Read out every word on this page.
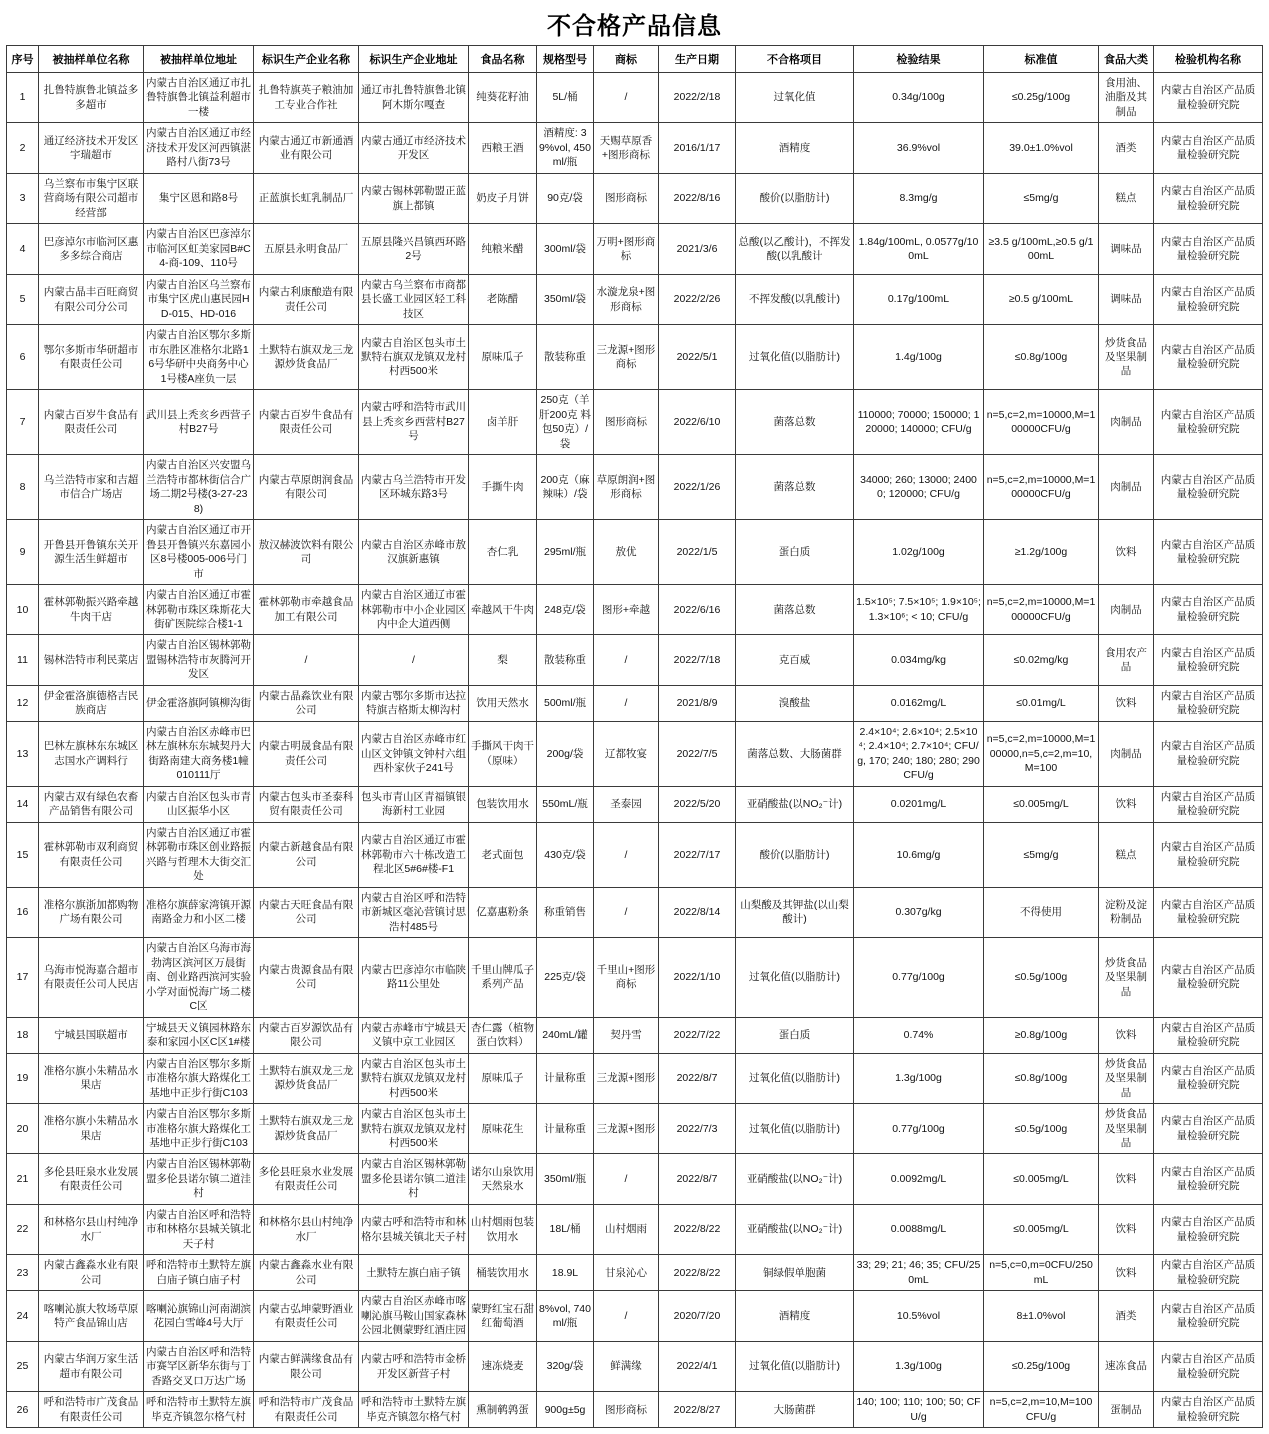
不合格产品信息
序号	被抽样单位名称	被抽样单位地址	标识生产企业名称	标识生产企业地址	食品名称	规格型号	商标	生产日期	不合格项目	检验结果	标准值	食品大类	检验机构名称
1	扎鲁特旗鲁北镇益多多超市	内蒙古自治区通辽市扎鲁特旗鲁北镇益利超市一楼	扎鲁特旗英子粮油加工专业合作社	通辽市扎鲁特旗鲁北镇阿木斯尔嘎查	纯葵花籽油	5L/桶	/	2022/2/18	过氧化值	0.34g/100g	≤0.25g/100g	食用油、油脂及其制品	内蒙古自治区产品质量检验研究院
2	通辽经济技术开发区宇瑞超市	内蒙古自治区通辽市经济技术开发区河西镇湛路村八街73号	内蒙古通辽市新通酒业有限公司	内蒙古通辽市经济技术开发区	西粮王酒	酒精度: 39%vol, 450ml/瓶	天赐草原香+图形商标	2016/1/17	酒精度	36.9%vol	39.0±1.0%vol	酒类	内蒙古自治区产品质量检验研究院
3	乌兰察布市集宁区联营商场有限公司超市经营部	集宁区恩和路8号	正蓝旗长虹乳制品厂	内蒙古锡林郭勒盟正蓝旗上都镇	奶皮子月饼	90克/袋	图形商标	2022/8/16	酸价(以脂肪计)	8.3mg/g	≤5mg/g	糕点	内蒙古自治区产品质量检验研究院
4	巴彦淖尔市临河区惠多多综合商店	内蒙古自治区巴彦淖尔市临河区虹美家园B#C4-商-109、110号	五原县永明食品厂	五原县隆兴昌镇西环路2号	纯粮米醋	300ml/袋	万明+图形商标	2021/3/6	总酸(以乙酸计)，不挥发酸(以乳酸计	1.84g/100mL, 0.0577g/100mL	≥3.5 g/100mL,≥0.5 g/100mL	调味品	内蒙古自治区产品质量检验研究院
5	内蒙古晶丰百旺商贸有限公司分公司	内蒙古自治区乌兰察布市集宁区虎山惠民园HD-015、HD-016	内蒙古利康酿造有限责任公司	内蒙古乌兰察布市商都县长盛工业园区轻工科技区	老陈醋	350ml/袋	水漩龙泉+图形商标	2022/2/26	不挥发酸(以乳酸计)	0.17g/100mL	≥0.5 g/100mL	调味品	内蒙古自治区产品质量检验研究院
6	鄂尔多斯市华研超市有限责任公司	内蒙古自治区鄂尔多斯市东胜区准格尔北路16号华研中央商务中心1号楼A座负一层	土默特右旗双龙三龙源炒货食品厂	内蒙古自治区包头市土默特右旗双龙镇双龙村村西500米	原味瓜子	散装称重	三龙源+图形商标	2022/5/1	过氧化值(以脂肪计)	1.4g/100g	≤0.8g/100g	炒货食品及坚果制品	内蒙古自治区产品质量检验研究院
7	内蒙古百岁牛食品有限责任公司	武川县上秃亥乡西营子村B27号	内蒙古百岁牛食品有限责任公司	内蒙古呼和浩特市武川县上秃亥乡西营村B27号	卤羊肝	250克（羊肝200克 料包50克）/袋	图形商标	2022/6/10	菌落总数	110000; 70000; 150000; 120000; 140000; CFU/g	n=5,c=2,m=10000,M=100000CFU/g	肉制品	内蒙古自治区产品质量检验研究院
8	乌兰浩特市家和吉超市信合广场店	内蒙古自治区兴安盟乌兰浩特市都林街信合广场二期2号楼(3-27-238)	内蒙古草原朗润食品有限公司	内蒙古乌兰浩特市开发区环城东路3号	手撕牛肉	200克（麻辣味）/袋	草原朗润+图形商标	2022/1/26	菌落总数	34000; 260; 13000; 24000; 120000; CFU/g	n=5,c=2,m=10000,M=100000CFU/g	肉制品	内蒙古自治区产品质量检验研究院
9	开鲁县开鲁镇东关开源生活生鲜超市	内蒙古自治区通辽市开鲁县开鲁镇兴东嘉园小区8号楼005-006号门市	敖汉赫波饮料有限公司	内蒙古自治区赤峰市敖汉旗新惠镇	杏仁乳	295ml/瓶	敖优	2022/1/5	蛋白质	1.02g/100g	≥1.2g/100g	饮料	内蒙古自治区产品质量检验研究院
10	霍林郭勒振兴路牵越牛肉干店	内蒙古自治区通辽市霍林郭勒市珠区珠斯花大街矿医院综合楼1-1	霍林郭勒市牵越食品加工有限公司	内蒙古自治区通辽市霍林郭勒市中小企业园区内中企大道西侧	牵越风干牛肉	248克/袋	图形+牵越	2022/6/16	菌落总数	1.5×10⁵; 7.5×10⁵; 1.9×10⁵; 1.3×10⁶; < 10; CFU/g	n=5,c=2,m=10000,M=100000CFU/g	肉制品	内蒙古自治区产品质量检验研究院
11	锡林浩特市利民菜店	内蒙古自治区锡林郭勒盟锡林浩特市灰腾河开发区	/	/	梨	散装称重	/	2022/7/18	克百威	0.034mg/kg	≤0.02mg/kg	食用农产品	内蒙古自治区产品质量检验研究院
12	伊金霍洛旗德格吉民族商店	伊金霍洛旗阿镇柳沟街	内蒙古晶淼饮业有限公司	内蒙古鄂尔多斯市达拉特旗吉格斯太柳沟村	饮用天然水	500ml/瓶	/	2021/8/9	溴酸盐	0.0162mg/L	≤0.01mg/L	饮料	内蒙古自治区产品质量检验研究院
13	巴林左旗林东东城区志国水产调料行	内蒙古自治区赤峰市巴林左旗林东东城契丹大街路南建大商务楼1幢010111厅	内蒙古明晟食品有限责任公司	内蒙古自治区赤峰市红山区文钟镇文钟村六组西朴家伙子241号	手撕风干肉干（原味）	200g/袋	辽都牧宴	2022/7/5	菌落总数、大肠菌群	2.4×10⁴; 2.6×10⁴; 2.5×10⁴; 2.4×10⁴; 2.7×10⁴; CFU/g, 170; 240; 180; 280; 290CFU/g	n=5,c=2,m=10000,M=100000,n=5,c=2,m=10,M=100	肉制品	内蒙古自治区产品质量检验研究院
14	内蒙古双有绿色农畜产品销售有限公司	内蒙古自治区包头市青山区振华小区	内蒙古包头市圣泰科贸有限责任公司	包头市青山区青福镇银海新村工业园	包装饮用水	550mL/瓶	圣泰园	2022/5/20	亚硝酸盐(以NO₂⁻计)	0.0201mg/L	≤0.005mg/L	饮料	内蒙古自治区产品质量检验研究院
15	霍林郭勒市双利商贸有限责任公司	内蒙古自治区通辽市霍林郭勒市珠区创业路振兴路与哲理木大街交汇处	内蒙古新越食品有限公司	内蒙古自治区通辽市霍林郭勒市六十栋改造工程北区5#6#楼-F1	老式面包	430克/袋	/	2022/7/17	酸价(以脂肪计)	10.6mg/g	≤5mg/g	糕点	内蒙古自治区产品质量检验研究院
16	准格尔旗浙加都购物广场有限公司	准格尔旗薛家湾镇开源南路金力和小区二楼	内蒙古天旺食品有限公司	内蒙古自治区呼和浩特市新城区毫沁营镇讨思浩村485号	亿嘉惠粉条	称重销售	/	2022/8/14	山梨酸及其钾盐(以山梨酸计)	0.307g/kg	不得使用	淀粉及淀粉制品	内蒙古自治区产品质量检验研究院
17	乌海市悦海嘉合超市有限责任公司人民店	内蒙古自治区乌海市海勃湾区滨河区万晨街南、创业路西滨河实验小学对面悦海广场二楼C区	内蒙古贵源食品有限公司	内蒙古巴彦淖尔市临陕路11公里处	千里山牌瓜子系列产品	225克/袋	千里山+图形商标	2022/1/10	过氧化值(以脂肪计)	0.77g/100g	≤0.5g/100g	炒货食品及坚果制品	内蒙古自治区产品质量检验研究院
18	宁城县国联超市	宁城县天义镇园林路东泰和家园小区C区1#楼	内蒙古百岁源饮品有限公司	内蒙古赤峰市宁城县天义镇中京工业园区	杏仁露（植物蛋白饮料）	240mL/罐	契丹雪	2022/7/22	蛋白质	0.74%	≥0.8g/100g	饮料	内蒙古自治区产品质量检验研究院
19	准格尔旗小朱精品水果店	内蒙古自治区鄂尔多斯市准格尔旗大路煤化工基地中正步行街C103	土默特右旗双龙三龙源炒货食品厂	内蒙古自治区包头市土默特右旗双龙镇双龙村村西500米	原味瓜子	计量称重	三龙源+图形	2022/8/7	过氧化值(以脂肪计)	1.3g/100g	≤0.8g/100g	炒货食品及坚果制品	内蒙古自治区产品质量检验研究院
20	准格尔旗小朱精品水果店	内蒙古自治区鄂尔多斯市准格尔旗大路煤化工基地中正步行街C103	土默特右旗双龙三龙源炒货食品厂	内蒙古自治区包头市土默特右旗双龙镇双龙村村西500米	原味花生	计量称重	三龙源+图形	2022/7/3	过氧化值(以脂肪计)	0.77g/100g	≤0.5g/100g	炒货食品及坚果制品	内蒙古自治区产品质量检验研究院
21	多伦县旺泉水业发展有限责任公司	内蒙古自治区锡林郭勒盟多伦县诺尔镇二道洼村	多伦县旺泉水业发展有限责任公司	内蒙古自治区锡林郭勒盟多伦县诺尔镇二道洼村	诺尔山泉饮用天然泉水	350ml/瓶	/	2022/8/7	亚硝酸盐(以NO₂⁻计)	0.0092mg/L	≤0.005mg/L	饮料	内蒙古自治区产品质量检验研究院
22	和林格尔县山村纯净水厂	内蒙古自治区呼和浩特市和林格尔县城关镇北天子村	和林格尔县山村纯净水厂	内蒙古呼和浩特市和林格尔县城关镇北天子村	山村烟雨包装饮用水	18L/桶	山村烟雨	2022/8/22	亚硝酸盐(以NO₂⁻计)	0.0088mg/L	≤0.005mg/L	饮料	内蒙古自治区产品质量检验研究院
23	内蒙古鑫淼水业有限公司	呼和浩特市土默特左旗白庙子镇白庙子村	内蒙古鑫淼水业有限公司	土默特左旗白庙子镇	桶装饮用水	18.9L	甘泉沁心	2022/8/22	铜绿假单胞菌	33; 29; 21; 46; 35; CFU/250mL	n=5,c=0,m=0CFU/250mL	饮料	内蒙古自治区产品质量检验研究院
24	喀喇沁旗大牧场草原特产食品锦山店	喀喇沁旗锦山河南湖滨花园白雪峰4号大厅	内蒙古弘坤蒙野酒业有限责任公司	内蒙古自治区赤峰市喀喇沁旗马鞍山国家森林公园北侧蒙野红酒庄园	蒙野红宝石甜红葡萄酒	8%vol, 740ml/瓶	/	2020/7/20	酒精度	10.5%vol	8±1.0%vol	酒类	内蒙古自治区产品质量检验研究院
25	内蒙古华润万家生活超市有限公司	内蒙古自治区呼和浩特市赛罕区新华东街与丁香路交叉口万达广场	内蒙古鲜满缘食品有限公司	内蒙古呼和浩特市金桥开发区新营子村	速冻烧麦	320g/袋	鲜满缘	2022/4/1	过氧化值(以脂肪计)	1.3g/100g	≤0.25g/100g	速冻食品	内蒙古自治区产品质量检验研究院
26	呼和浩特市广茂食品有限责任公司	呼和浩特市土默特左旗毕克齐镇忽尔格气村	呼和浩特市广茂食品有限责任公司	呼和浩特市土默特左旗毕克齐镇忽尔格气村	熏制鹌鹑蛋	900g±5g	图形商标	2022/8/27	大肠菌群	140; 100; 110; 100; 50; CFU/g	n=5,c=2,m=10,M=100 CFU/g	蛋制品	内蒙古自治区产品质量检验研究院
